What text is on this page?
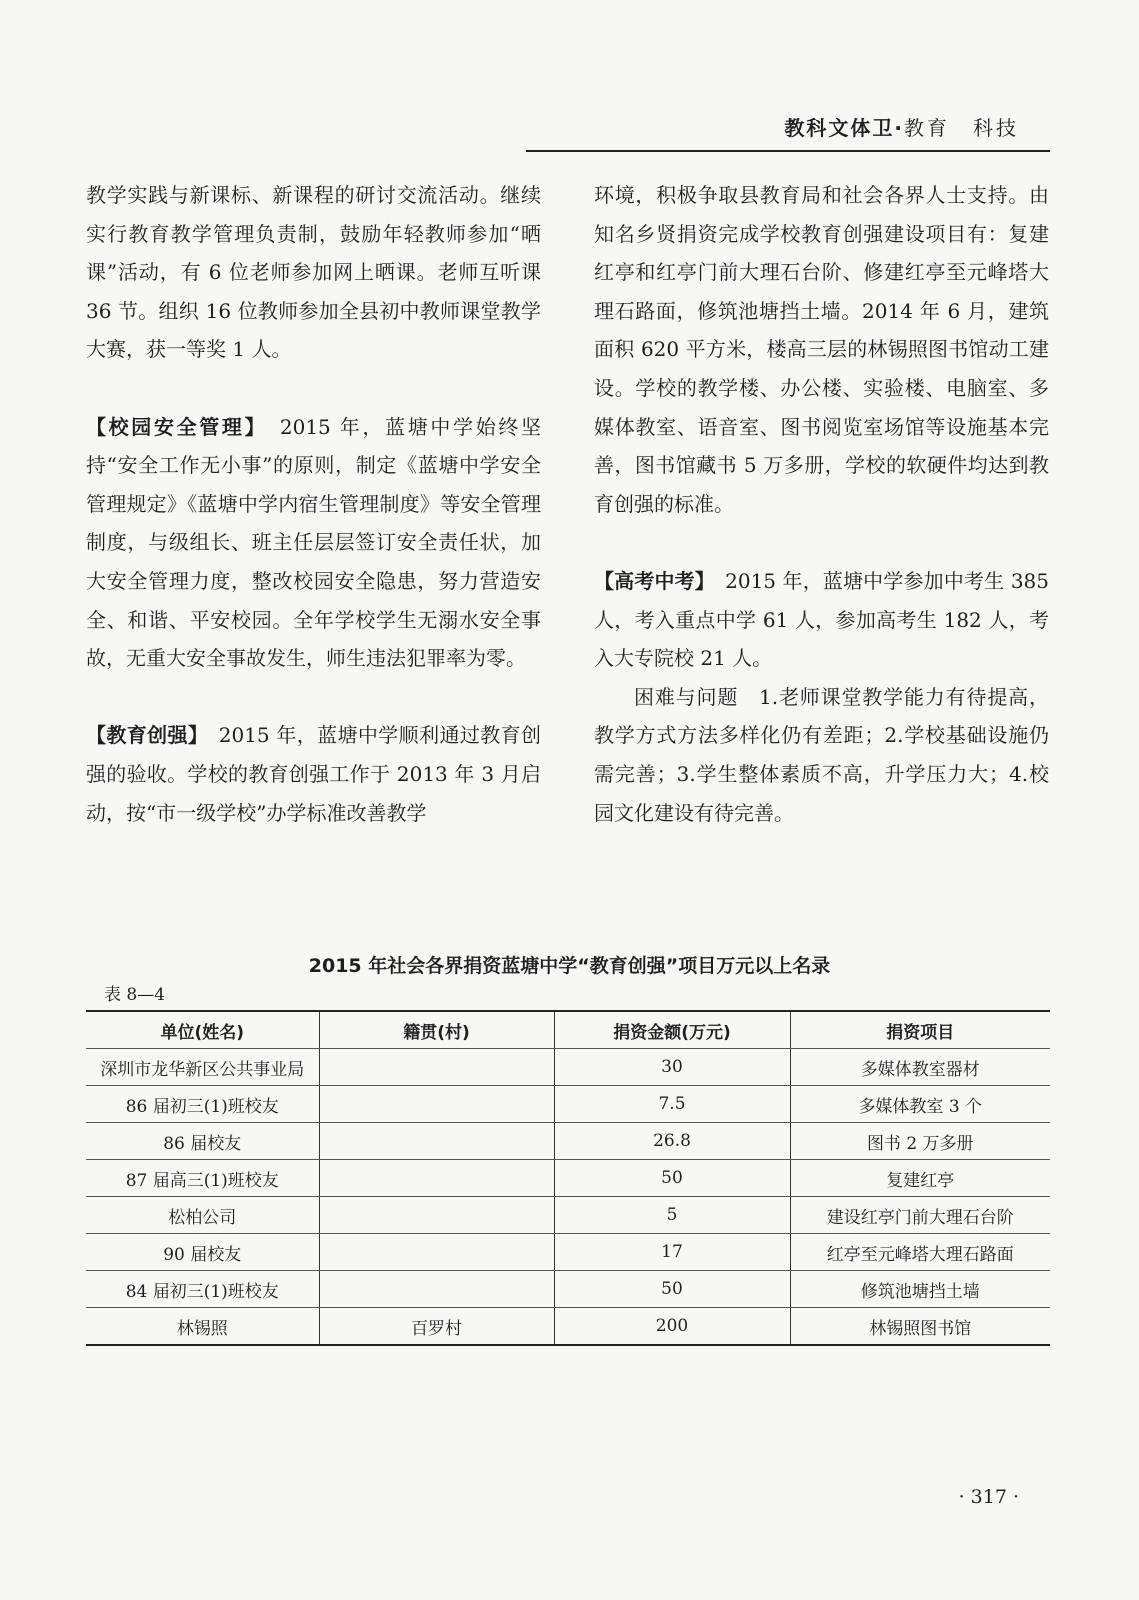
教科文体卫·教育　科技

教学实践与新课标、新课程的研讨交流活动。继续实行教育教学管理负责制，鼓励年轻教师参加“晒课”活动，有 6 位老师参加网上晒课。老师互听课 36 节。组织 16 位教师参加全县初中教师课堂教学大赛，获一等奖 1 人。

【校园安全管理】　2015 年，蓝塘中学始终坚持“安全工作无小事”的原则，制定《蓝塘中学安全管理规定》《蓝塘中学内宿生管理制度》等安全管理制度，与级组长、班主任层层签订安全责任状，加大安全管理力度，整改校园安全隐患，努力营造安全、和谐、平安校园。全年学校学生无溺水安全事故，无重大安全事故发生，师生违法犯罪率为零。

【教育创强】　2015 年，蓝塘中学顺利通过教育创强的验收。学校的教育创强工作于 2013 年 3 月启动，按“市一级学校”办学标准改善教学

环境，积极争取县教育局和社会各界人士支持。由知名乡贤捐资完成学校教育创强建设项目有：复建红亭和红亭门前大理石台阶、修建红亭至元峰塔大理石路面，修筑池塘挡土墙。2014 年 6 月，建筑面积 620 平方米，楼高三层的林锡照图书馆动工建设。学校的教学楼、办公楼、实验楼、电脑室、多媒体教室、语音室、图书阅览室场馆等设施基本完善，图书馆藏书 5 万多册，学校的软硬件均达到教育创强的标准。

【高考中考】　2015 年，蓝塘中学参加中考生 385 人，考入重点中学 61 人，参加高考生 182 人，考入大专院校 21 人。

困难与问题　1.老师课堂教学能力有待提高，教学方式方法多样化仍有差距；2.学校基础设施仍需完善；3.学生整体素质不高，升学压力大；4.校园文化建设有待完善。

2015 年社会各界捐资蓝塘中学“教育创强”项目万元以上名录
表 8—4
单位(姓名)	籍贯(村)	捐资金额(万元)	捐资项目
深圳市龙华新区公共事业局		30	多媒体教室器材
86 届初三(1)班校友		7.5	多媒体教室 3 个
86 届校友		26.8	图书 2 万多册
87 届高三(1)班校友		50	复建红亭
松柏公司		5	建设红亭门前大理石台阶
90 届校友		17	红亭至元峰塔大理石路面
84 届初三(1)班校友		50	修筑池塘挡土墙
林锡照	百罗村	200	林锡照图书馆
· 317 ·
